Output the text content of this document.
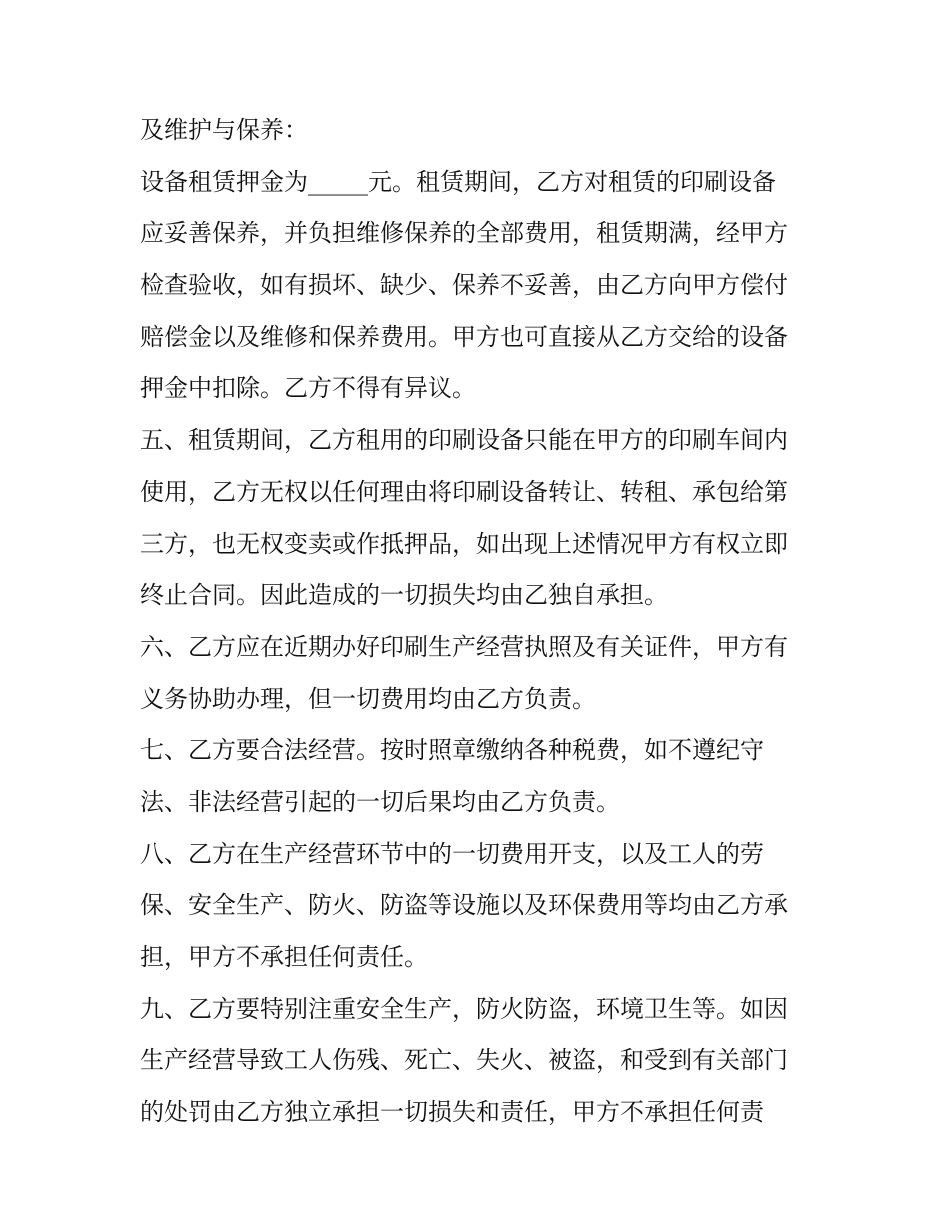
及维护与保养：
设备租赁押金为_____元。租赁期间，乙方对租赁的印刷设备
应妥善保养，并负担维修保养的全部费用，租赁期满，经甲方
检查验收，如有损坏、缺少、保养不妥善，由乙方向甲方偿付
赔偿金以及维修和保养费用。甲方也可直接从乙方交给的设备
押金中扣除。乙方不得有异议。
五、租赁期间，乙方租用的印刷设备只能在甲方的印刷车间内
使用，乙方无权以任何理由将印刷设备转让、转租、承包给第
三方，也无权变卖或作抵押品，如出现上述情况甲方有权立即
终止合同。因此造成的一切损失均由乙独自承担。
六、乙方应在近期办好印刷生产经营执照及有关证件，甲方有
义务协助办理，但一切费用均由乙方负责。
七、乙方要合法经营。按时照章缴纳各种税费，如不遵纪守
法、非法经营引起的一切后果均由乙方负责。
八、乙方在生产经营环节中的一切费用开支，以及工人的劳
保、安全生产、防火、防盗等设施以及环保费用等均由乙方承
担，甲方不承担任何责任。
九、乙方要特别注重安全生产，防火防盗，环境卫生等。如因
生产经营导致工人伤残、死亡、失火、被盗，和受到有关部门
的处罚由乙方独立承担一切损失和责任，甲方不承担任何责
